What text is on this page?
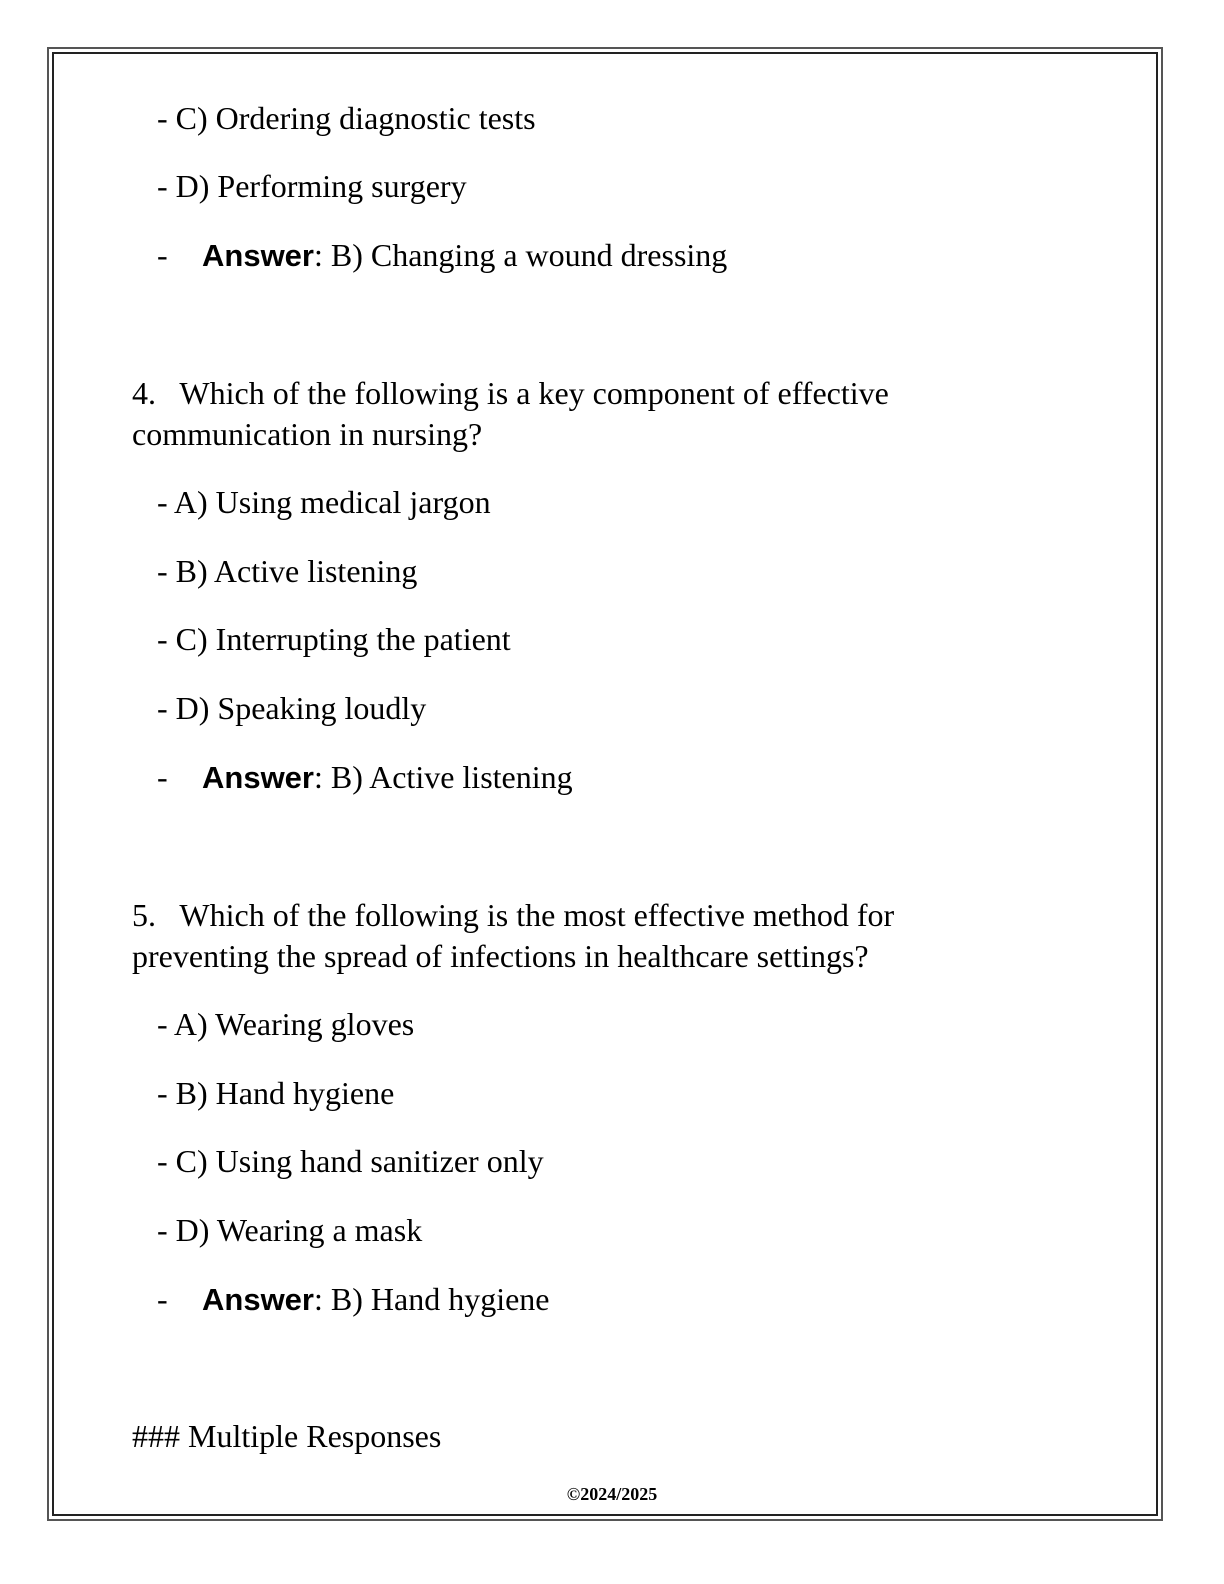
- C) Ordering diagnostic tests
- D) Performing surgery
- Answer: B) Changing a wound dressing
4.   Which of the following is a key component of effective
communication in nursing?
- A) Using medical jargon
- B) Active listening
- C) Interrupting the patient
- D) Speaking loudly
- Answer: B) Active listening
5.   Which of the following is the most effective method for
preventing the spread of infections in healthcare settings?
- A) Wearing gloves
- B) Hand hygiene
- C) Using hand sanitizer only
- D) Wearing a mask
- Answer: B) Hand hygiene
### Multiple Responses
©2024/2025
